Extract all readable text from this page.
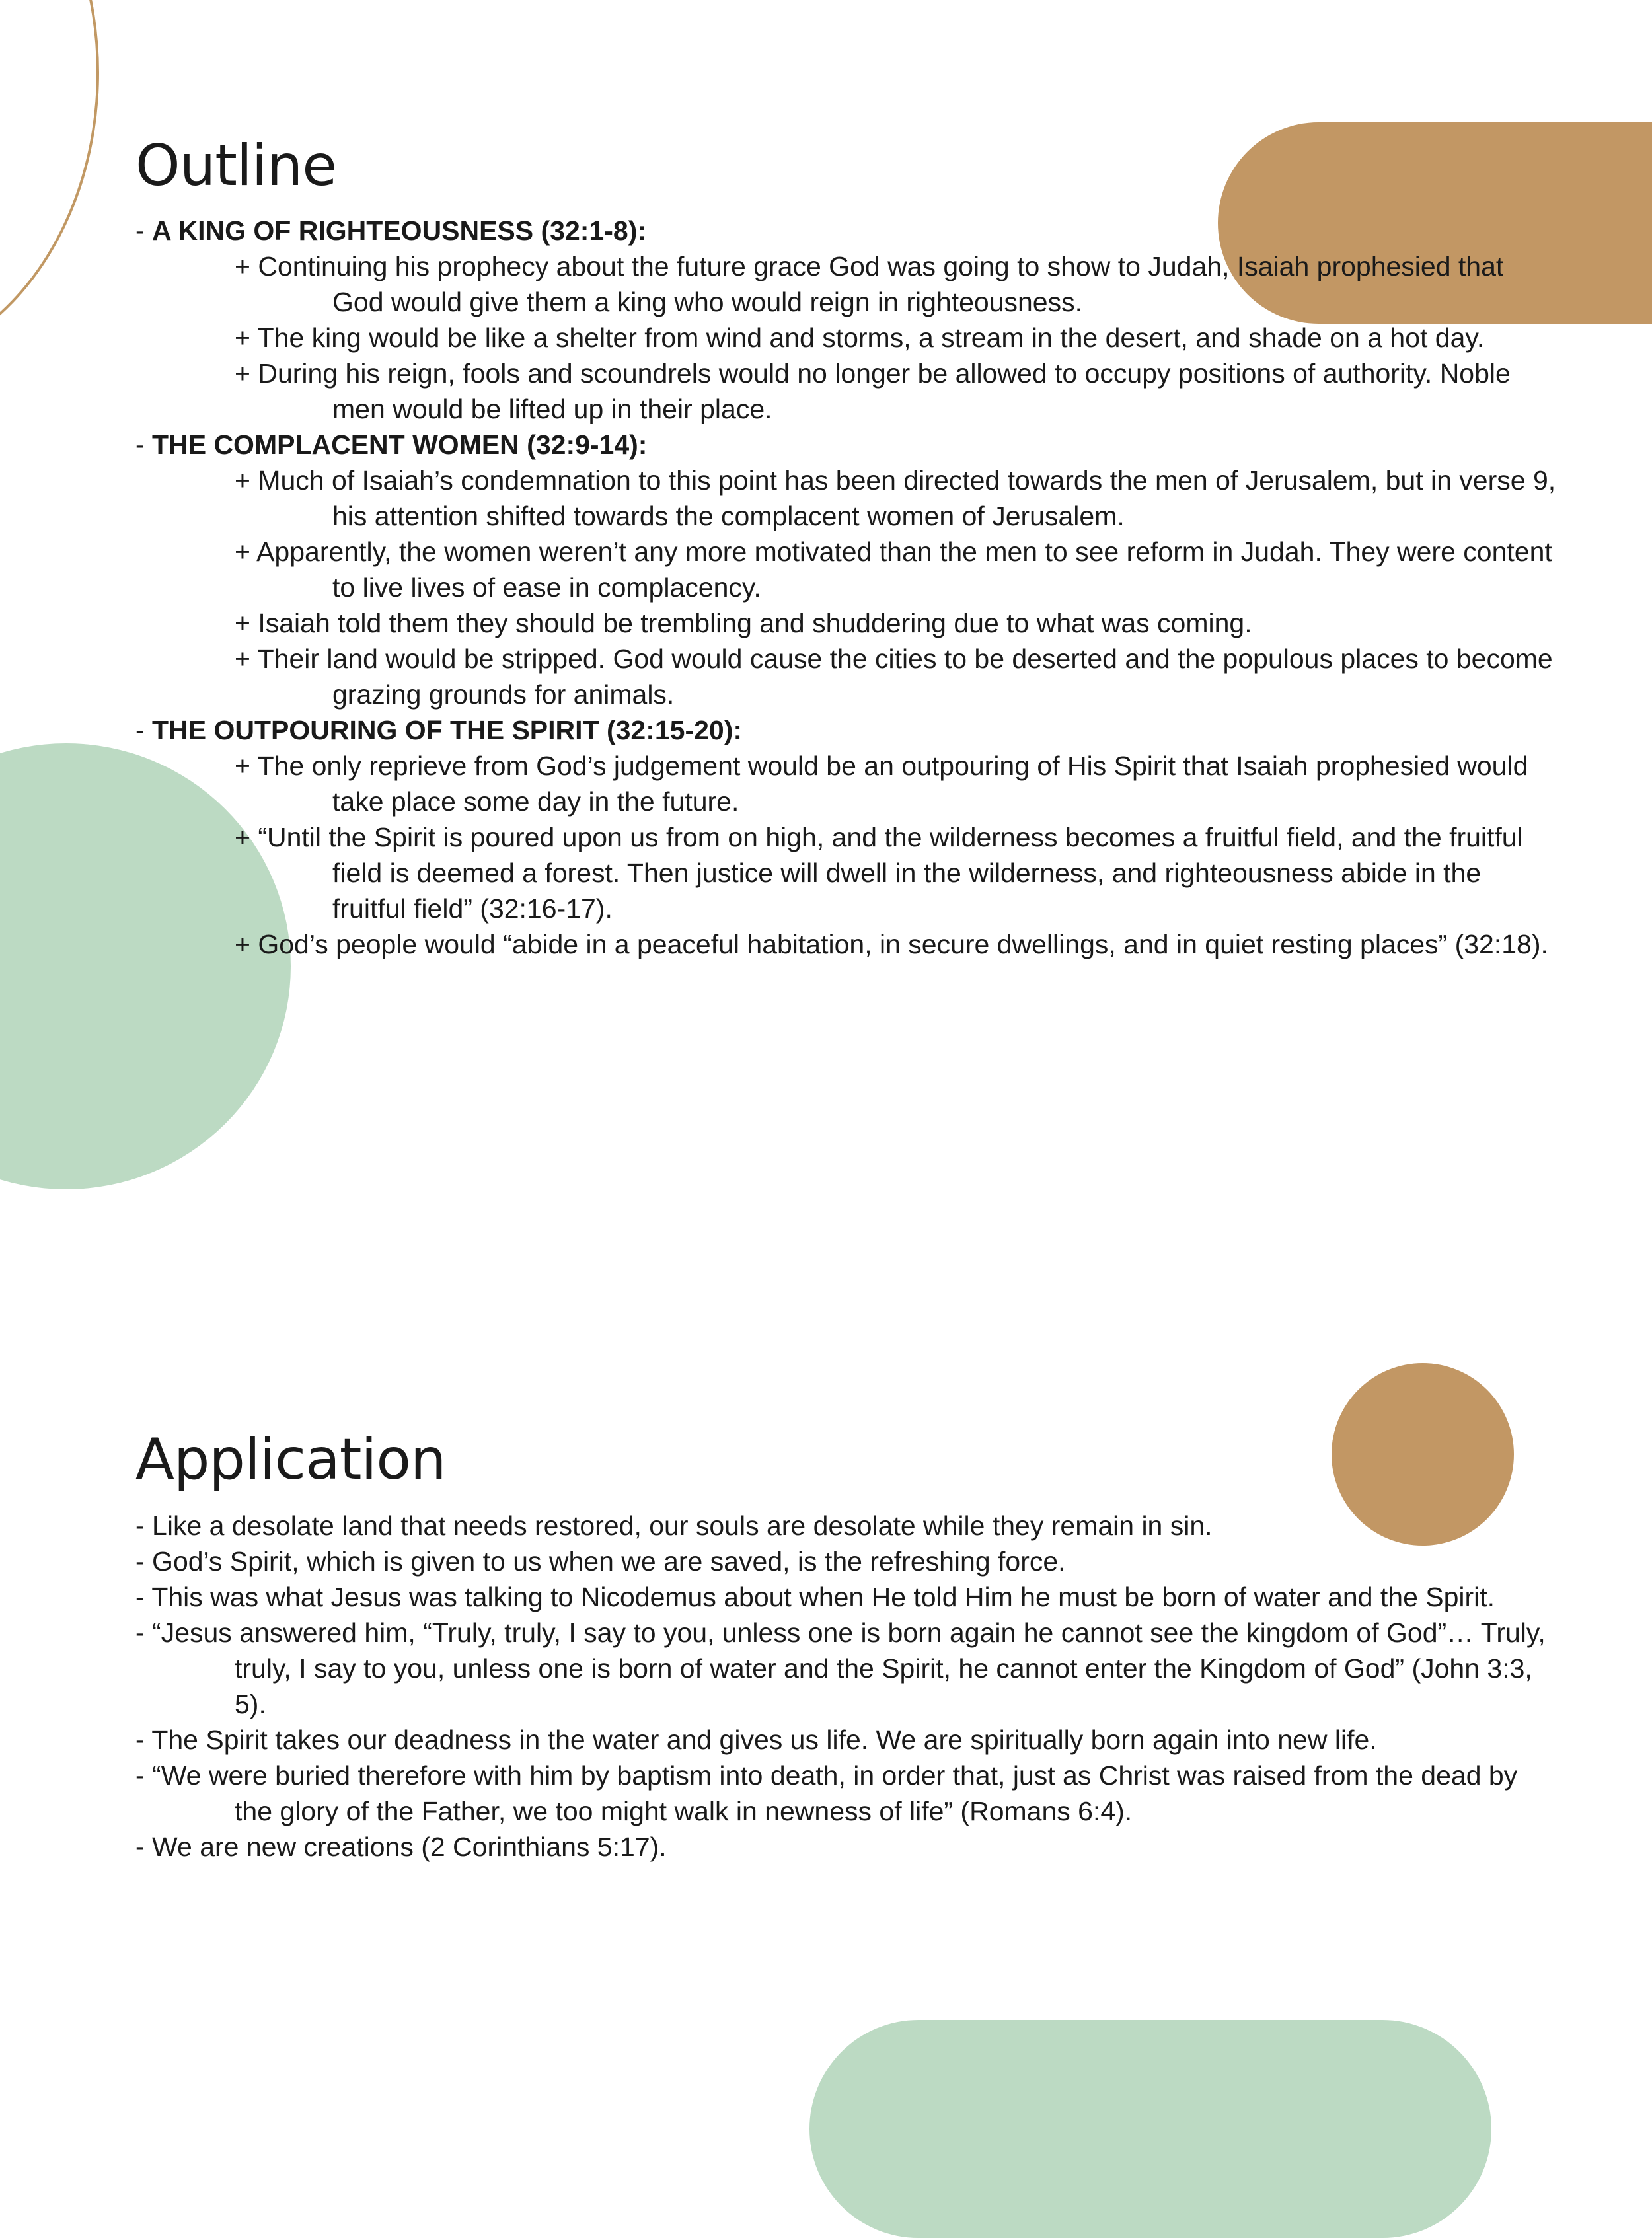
Outline

- A KING OF RIGHTEOUSNESS (32:1-8):

+ Continuing his prophecy about the future grace God was going to show to Judah, Isaiah prophesied that God would give them a king who would reign in righteousness.

+ The king would be like a shelter from wind and storms, a stream in the desert, and shade on a hot day.

+ During his reign, fools and scoundrels would no longer be allowed to occupy positions of authority. Noble men would be lifted up in their place.

- THE COMPLACENT WOMEN (32:9-14):

+ Much of Isaiah’s condemnation to this point has been directed towards the men of Jerusalem, but in verse 9, his attention shifted towards the complacent women of Jerusalem.

+ Apparently, the women weren’t any more motivated than the men to see reform in Judah. They were content to live lives of ease in complacency.

+ Isaiah told them they should be trembling and shuddering due to what was coming.

+ Their land would be stripped. God would cause the cities to be deserted and the populous places to become grazing grounds for animals.

- THE OUTPOURING OF THE SPIRIT (32:15-20):

+ The only reprieve from God’s judgement would be an outpouring of His Spirit that Isaiah prophesied would take place some day in the future.

+ “Until the Spirit is poured upon us from on high, and the wilderness becomes a fruitful field, and the fruitful field is deemed a forest. Then justice will dwell in the wilderness, and righteousness abide in the fruitful field” (32:16-17).

+ God’s people would “abide in a peaceful habitation, in secure dwellings, and in quiet resting places” (32:18).

Application

- Like a desolate land that needs restored, our souls are desolate while they remain in sin.

- God’s Spirit, which is given to us when we are saved, is the refreshing force.

- This was what Jesus was talking to Nicodemus about when He told Him he must be born of water and the Spirit.

- “Jesus answered him, “Truly, truly, I say to you, unless one is born again he cannot see the kingdom of God”… Truly, truly, I say to you, unless one is born of water and the Spirit, he cannot enter the Kingdom of God” (John 3:3, 5).

- The Spirit takes our deadness in the water and gives us life. We are spiritually born again into new life.

- “We were buried therefore with him by baptism into death, in order that, just as Christ was raised from the dead by the glory of the Father, we too might walk in newness of life” (Romans 6:4).

- We are new creations (2 Corinthians 5:17).
